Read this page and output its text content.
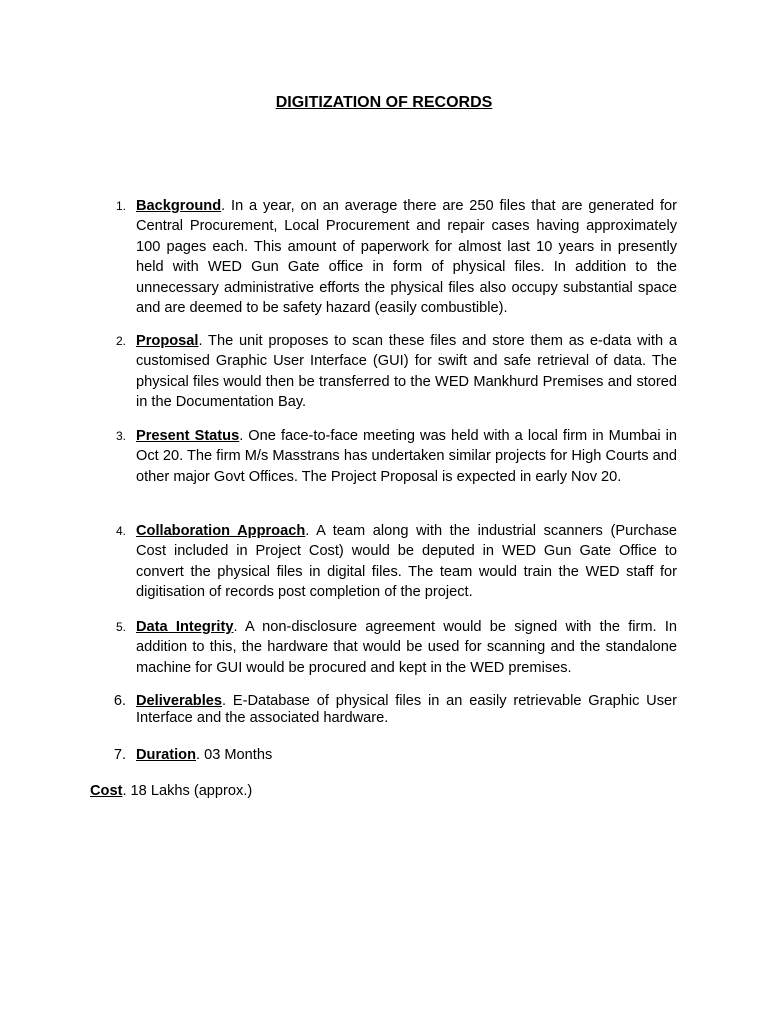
DIGITIZATION OF RECORDS
1. Background. In a year, on an average there are 250 files that are generated for Central Procurement, Local Procurement and repair cases having approximately 100 pages each. This amount of paperwork for almost last 10 years in presently held with WED Gun Gate office in form of physical files. In addition to the unnecessary administrative efforts the physical files also occupy substantial space and are deemed to be safety hazard (easily combustible).
2. Proposal. The unit proposes to scan these files and store them as e-data with a customised Graphic User Interface (GUI) for swift and safe retrieval of data. The physical files would then be transferred to the WED Mankhurd Premises and stored in the Documentation Bay.
3. Present Status. One face-to-face meeting was held with a local firm in Mumbai in Oct 20. The firm M/s Masstrans has undertaken similar projects for High Courts and other major Govt Offices. The Project Proposal is expected in early Nov 20.
4. Collaboration Approach. A team along with the industrial scanners (Purchase Cost included in Project Cost) would be deputed in WED Gun Gate Office to convert the physical files in digital files. The team would train the WED staff for digitisation of records post completion of the project.
5. Data Integrity. A non-disclosure agreement would be signed with the firm. In addition to this, the hardware that would be used for scanning and the standalone machine for GUI would be procured and kept in the WED premises.
6. Deliverables. E-Database of physical files in an easily retrievable Graphic User Interface and the associated hardware.
7. Duration. 03 Months
Cost. 18 Lakhs (approx.)
